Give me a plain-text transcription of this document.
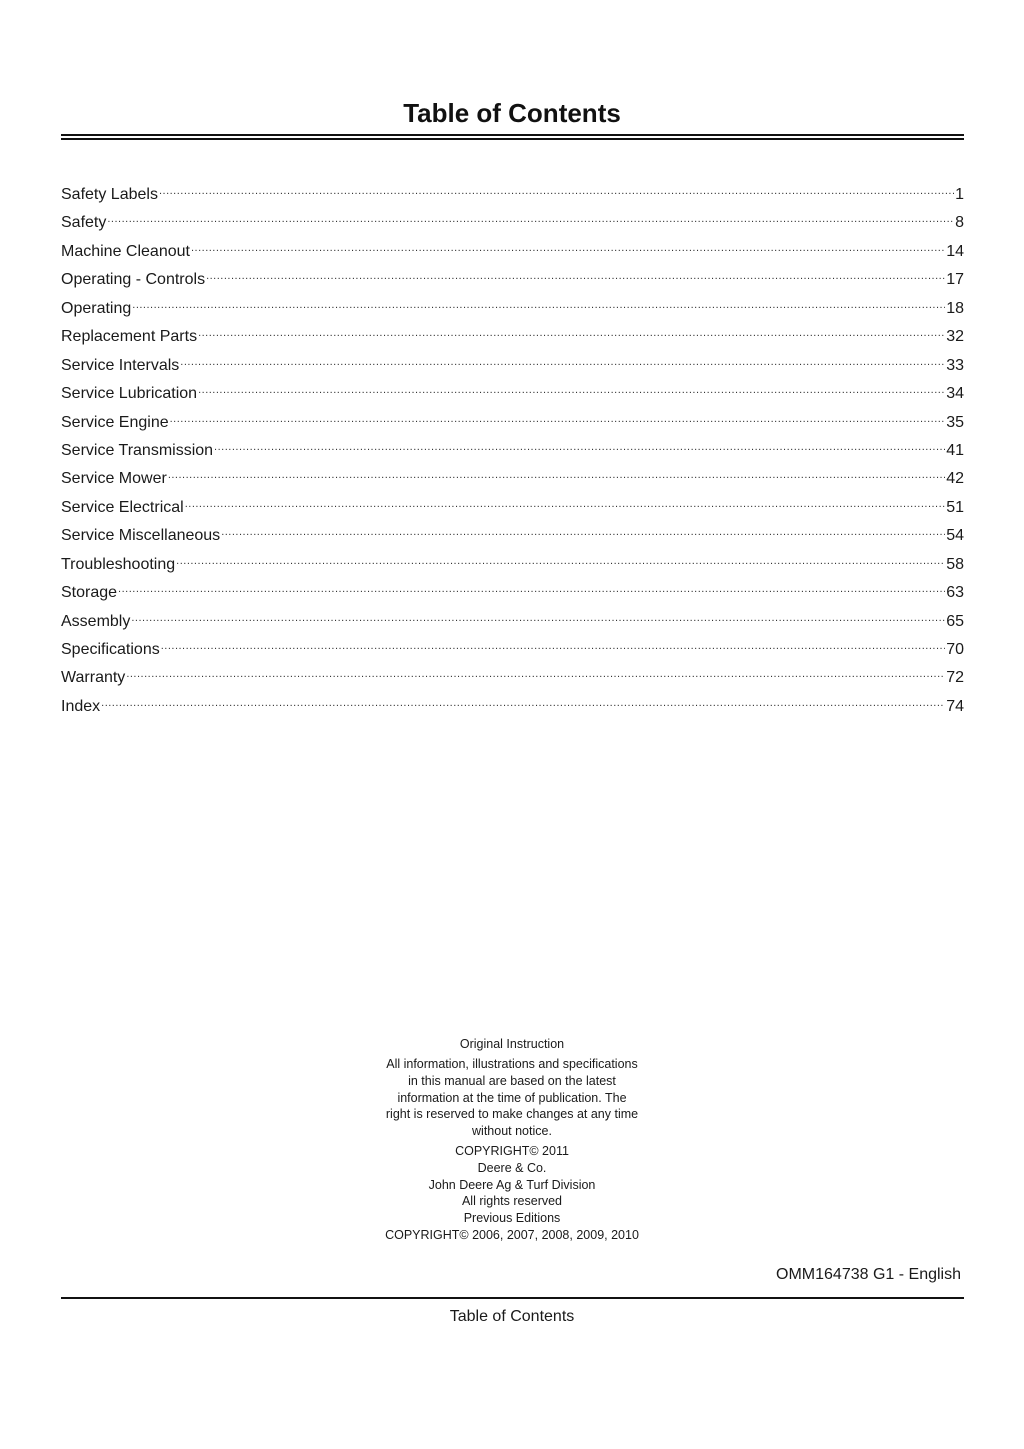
Table of Contents
Safety Labels .....	1
Safety .....	8
Machine Cleanout .....	14
Operating - Controls .....	17
Operating .....	18
Replacement Parts .....	32
Service Intervals .....	33
Service Lubrication .....	34
Service Engine .....	35
Service Transmission .....	41
Service Mower .....	42
Service Electrical .....	51
Service Miscellaneous .....	54
Troubleshooting .....	58
Storage .....	63
Assembly .....	65
Specifications .....	70
Warranty .....	72
Index .....	74

Original Instruction

All information, illustrations and specifications in this manual are based on the latest information at the time of publication. The right is reserved to make changes at any time without notice.

COPYRIGHT© 2011
Deere & Co.
John Deere Ag & Turf Division
All rights reserved
Previous Editions
COPYRIGHT© 2006, 2007, 2008, 2009, 2010
OMM164738 G1 - English
Table of Contents
